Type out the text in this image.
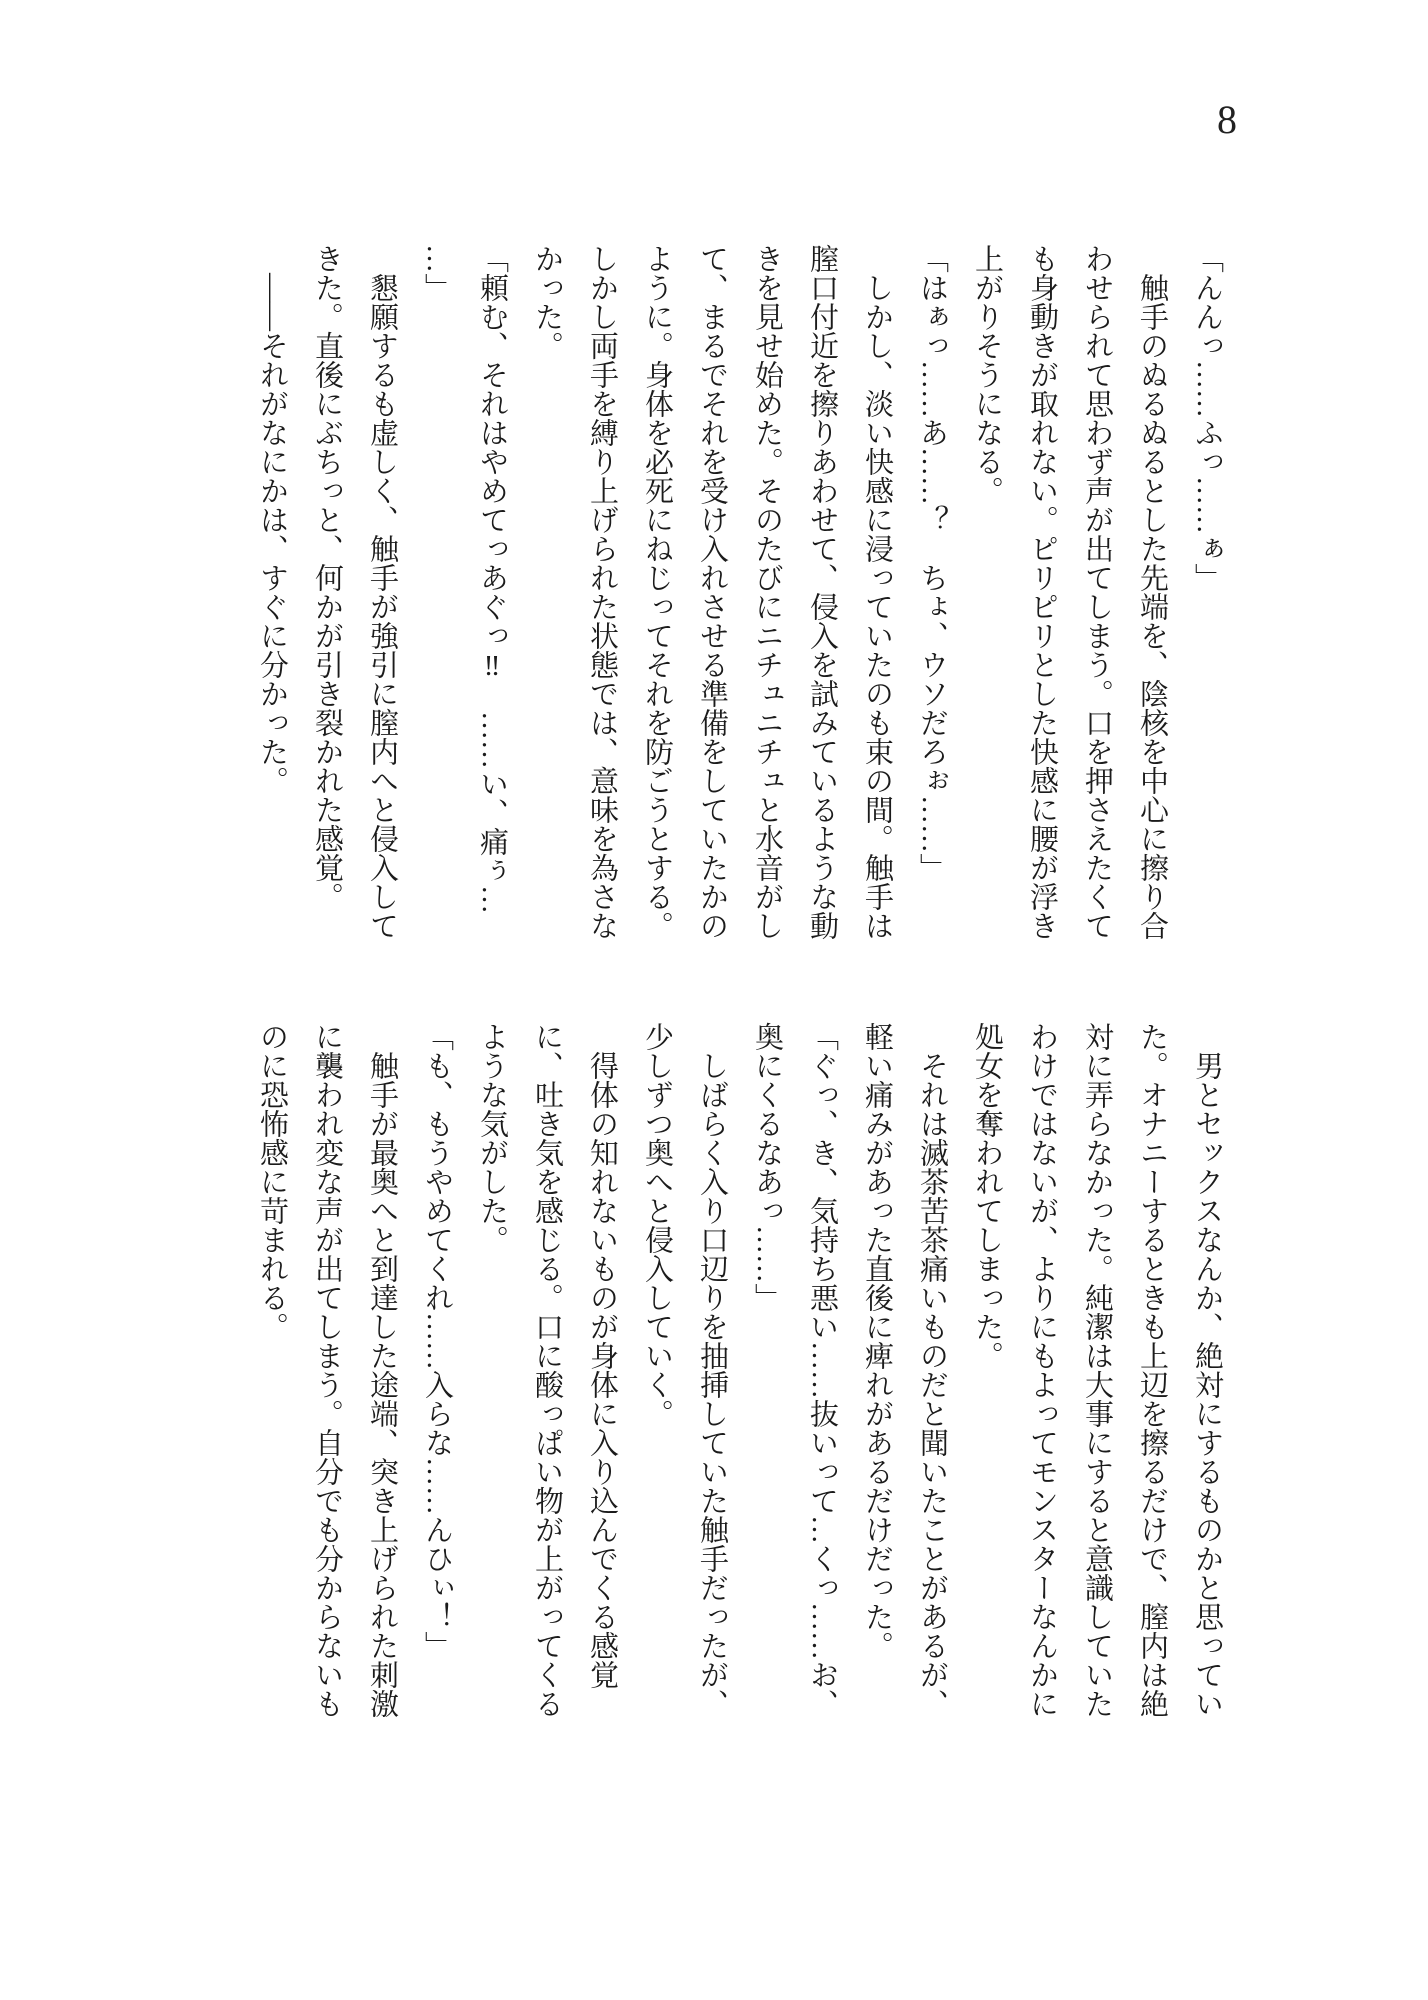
8

「んんっ……ふっ……ぁ」

触手のぬるぬるとした先端を、陰核を中心に擦り合

わせられて思わず声が出てしまう。口を押さえたくて

も身動きが取れない。ピリピリとした快感に腰が浮き

上がりそうになる。

「はぁっ……あ……？　ちょ、ウソだろぉ……」

しかし、淡い快感に浸っていたのも束の間。触手は

膣口付近を擦りあわせて、侵入を試みているような動

きを見せ始めた。そのたびにニチュニチュと水音がし

て、まるでそれを受け入れさせる準備をしていたかの

ように。身体を必死にねじってそれを防ごうとする。

しかし両手を縛り上げられた状態では、意味を為さな

かった。

「頼む、それはやめてっあぐっ‼　……い、痛ぅ…

…」

懇願するも虚しく、触手が強引に膣内へと侵入して

きた。直後にぶちっと、何かが引き裂かれた感覚。

――それがなにかは、すぐに分かった。

男とセックスなんか、絶対にするものかと思ってい

た。オナニーするときも上辺を擦るだけで、膣内は絶

対に弄らなかった。純潔は大事にすると意識していた

わけではないが、よりにもよってモンスターなんかに

処女を奪われてしまった。

それは滅茶苦茶痛いものだと聞いたことがあるが、

軽い痛みがあった直後に痺れがあるだけだった。

「ぐっ、き、気持ち悪い……抜いって…くっ……お、

奥にくるなあっ……」

しばらく入り口辺りを抽挿していた触手だったが、

少しずつ奥へと侵入していく。

得体の知れないものが身体に入り込んでくる感覚

に、吐き気を感じる。口に酸っぱい物が上がってくる

ような気がした。

「も、もうやめてくれ……入らな……んひぃ！」

触手が最奥へと到達した途端、突き上げられた刺激

に襲われ変な声が出てしまう。自分でも分からないも

のに恐怖感に苛まれる。
